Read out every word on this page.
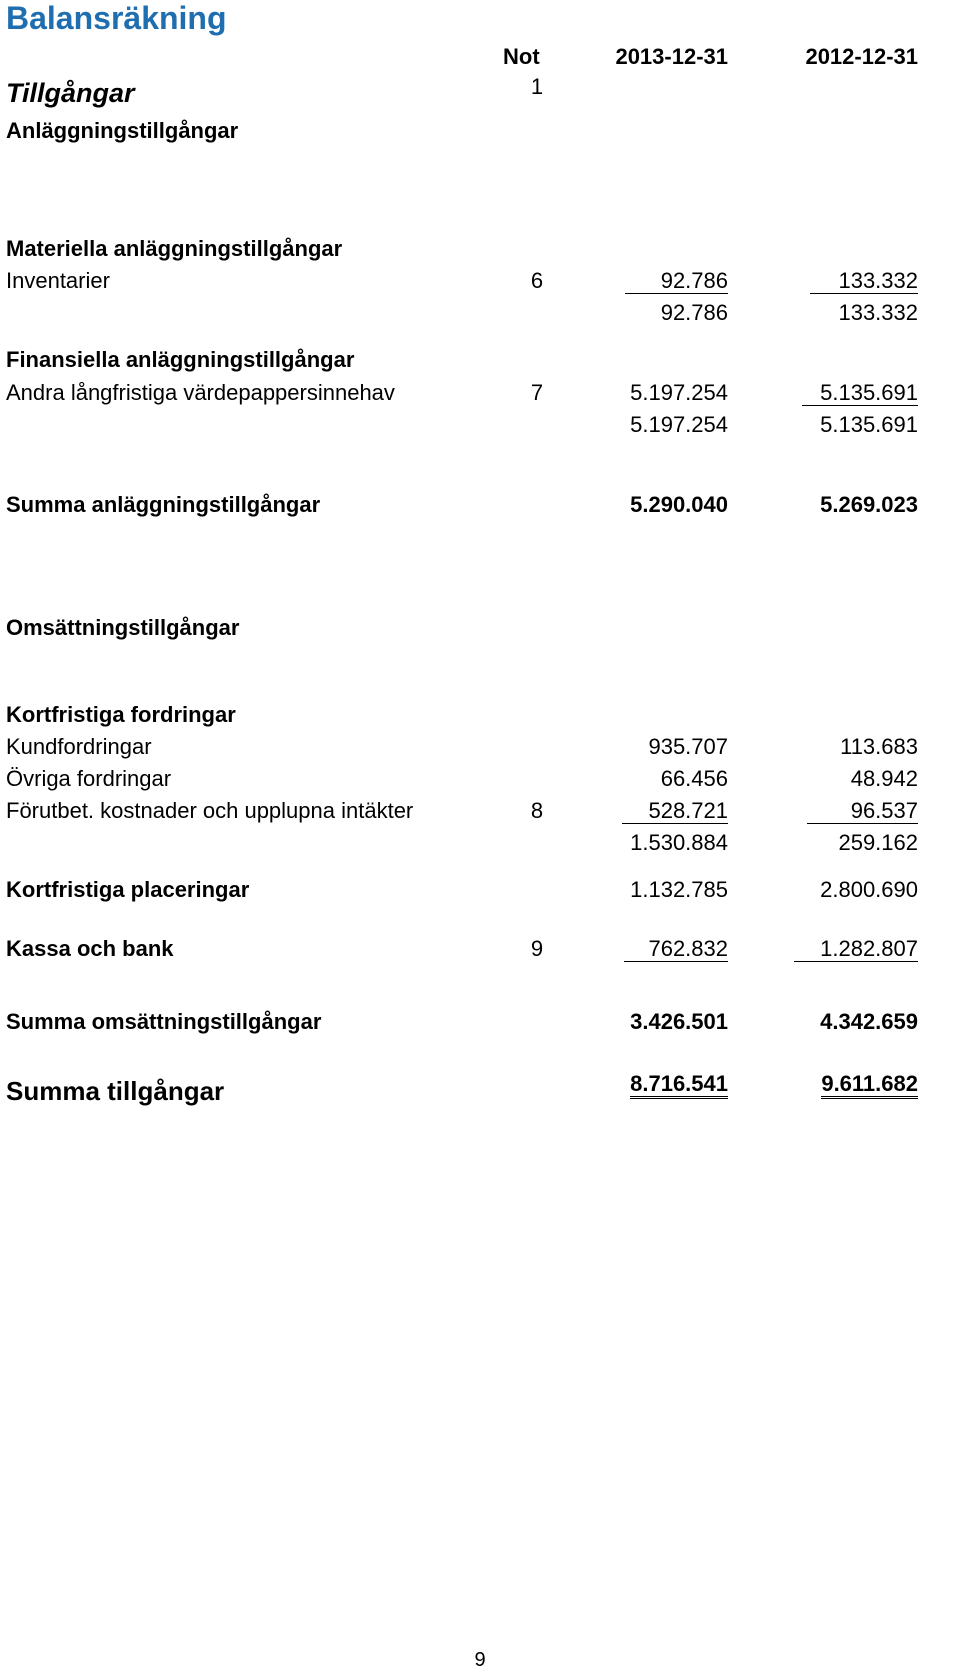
Balansräkning
Not	2013-12-31	2012-12-31
Tillgångar	1
Anläggningstillgångar
Materiella anläggningstillgångar
Inventarier	6	92.786	133.332
92.786	133.332
Finansiella anläggningstillgångar
Andra långfristiga värdepappersinnehav	7	5.197.254	5.135.691
5.197.254	5.135.691
Summa anläggningstillgångar	5.290.040	5.269.023
Omsättningstillgångar
Kortfristiga fordringar
Kundfordringar	935.707	113.683
Övriga fordringar	66.456	48.942
Förutbet. kostnader och upplupna intäkter	8	528.721	96.537
1.530.884	259.162
Kortfristiga placeringar	1.132.785	2.800.690
Kassa och bank	9	762.832	1.282.807
Summa omsättningstillgångar	3.426.501	4.342.659
Summa tillgångar	8.716.541	9.611.682
9
